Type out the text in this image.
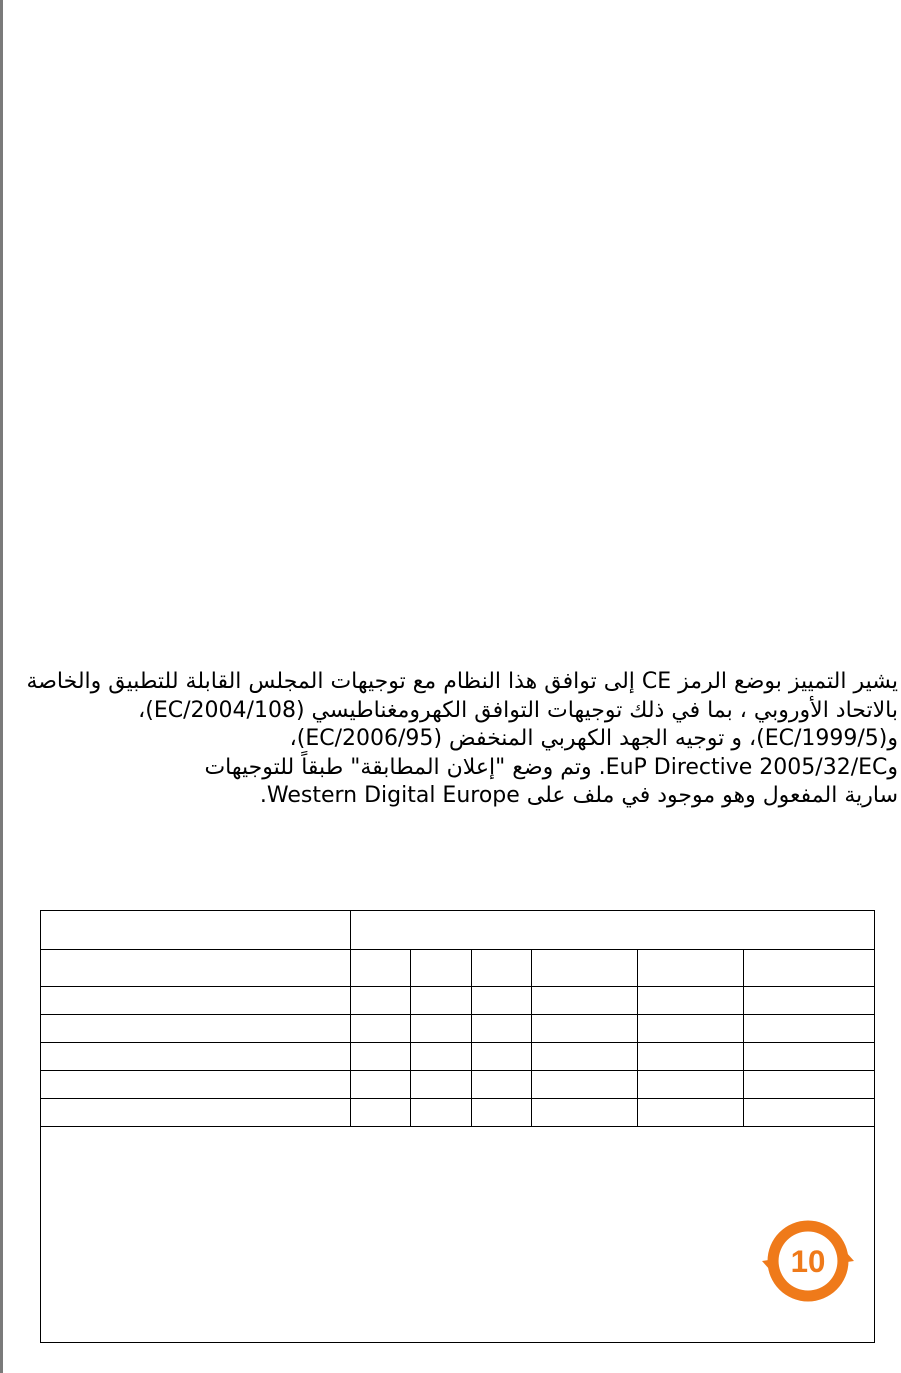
يشير التمييز بوضع الرمز CE إلى توافق هذا النظام مع توجيهات المجلس القابلة للتطبيق والخاصة

بالاتحاد الأوروبي ، بما في ذلك توجيهات التوافق الكهرومغناطيسي (2004/108/EC)،

و(1999/5/EC)، و توجيه الجهد الكهربي المنخفض (2006/95/EC)،

وEuP Directive 2005/32/EC. وتم وضع "إعلان المطابقة" طبقاً للتوجيهات

سارية المفعول وهو موجود في ملف على Western Digital Europe.

10						
